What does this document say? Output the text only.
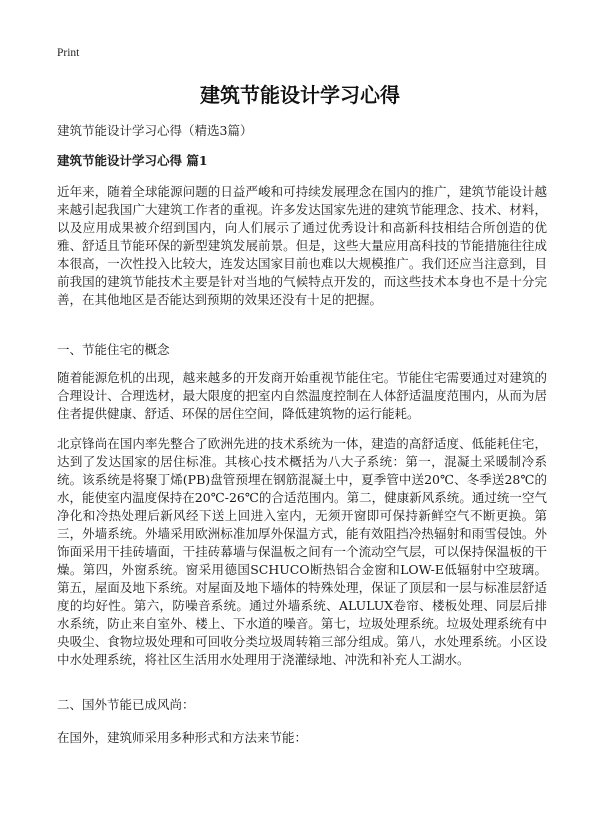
Print
建筑节能设计学习心得

建筑节能设计学习心得（精选3篇）

建筑节能设计学习心得 篇1

近年来，随着全球能源问题的日益严峻和可持续发展理念在国内的推广，建筑节能设计越来越引起我国广大建筑工作者的重视。许多发达国家先进的建筑节能理念、技术、材料，以及应用成果被介绍到国内，向人们展示了通过优秀设计和高新科技相结合所创造的优雅、舒适且节能环保的新型建筑发展前景。但是，这些大量应用高科技的节能措施往往成本很高，一次性投入比较大，连发达国家目前也难以大规模推广。我们还应当注意到，目前我国的建筑节能技术主要是针对当地的气候特点开发的，而这些技术本身也不是十分完善，在其他地区是否能达到预期的效果还没有十足的把握。

一、节能住宅的概念

随着能源危机的出现，越来越多的开发商开始重视节能住宅。节能住宅需要通过对建筑的合理设计、合理选材，最大限度的把室内自然温度控制在人体舒适温度范围内，从而为居住者提供健康、舒适、环保的居住空间，降低建筑物的运行能耗。

北京锋尚在国内率先整合了欧洲先进的技术系统为一体，建造的高舒适度、低能耗住宅，达到了发达国家的居住标准。其核心技术概括为八大子系统：第一，混凝土采暖制冷系统。该系统是将聚丁烯(PB)盘管预埋在钢筋混凝土中，夏季管中送20℃、冬季送28℃的水，能使室内温度保持在20℃-26℃的合适范围内。第二，健康新风系统。通过统一空气净化和冷热处理后新风经下送上回进入室内，无须开窗即可保持新鲜空气不断更换。第三，外墙系统。外墙采用欧洲标准加厚外保温方式，能有效阻挡冷热辐射和雨雪侵蚀。外饰面采用干挂砖墙面，干挂砖幕墙与保温板之间有一个流动空气层，可以保持保温板的干燥。第四，外窗系统。窗采用德国SCHUCO断热铝合金窗和LOW-E低辐射中空玻璃。第五，屋面及地下系统。对屋面及地下墙体的特殊处理，保证了顶层和一层与标准层舒适度的均好性。第六，防噪音系统。通过外墙系统、ALULUX卷帘、楼板处理、同层后排水系统，防止来自室外、楼上、下水道的噪音。第七，垃圾处理系统。垃圾处理系统有中央吸尘、食物垃圾处理和可回收分类垃圾周转箱三部分组成。第八，水处理系统。小区设中水处理系统，将社区生活用水处理用于浇灌绿地、冲洗和补充人工湖水。

二、国外节能已成风尚：

在国外，建筑师采用多种形式和方法来节能：
